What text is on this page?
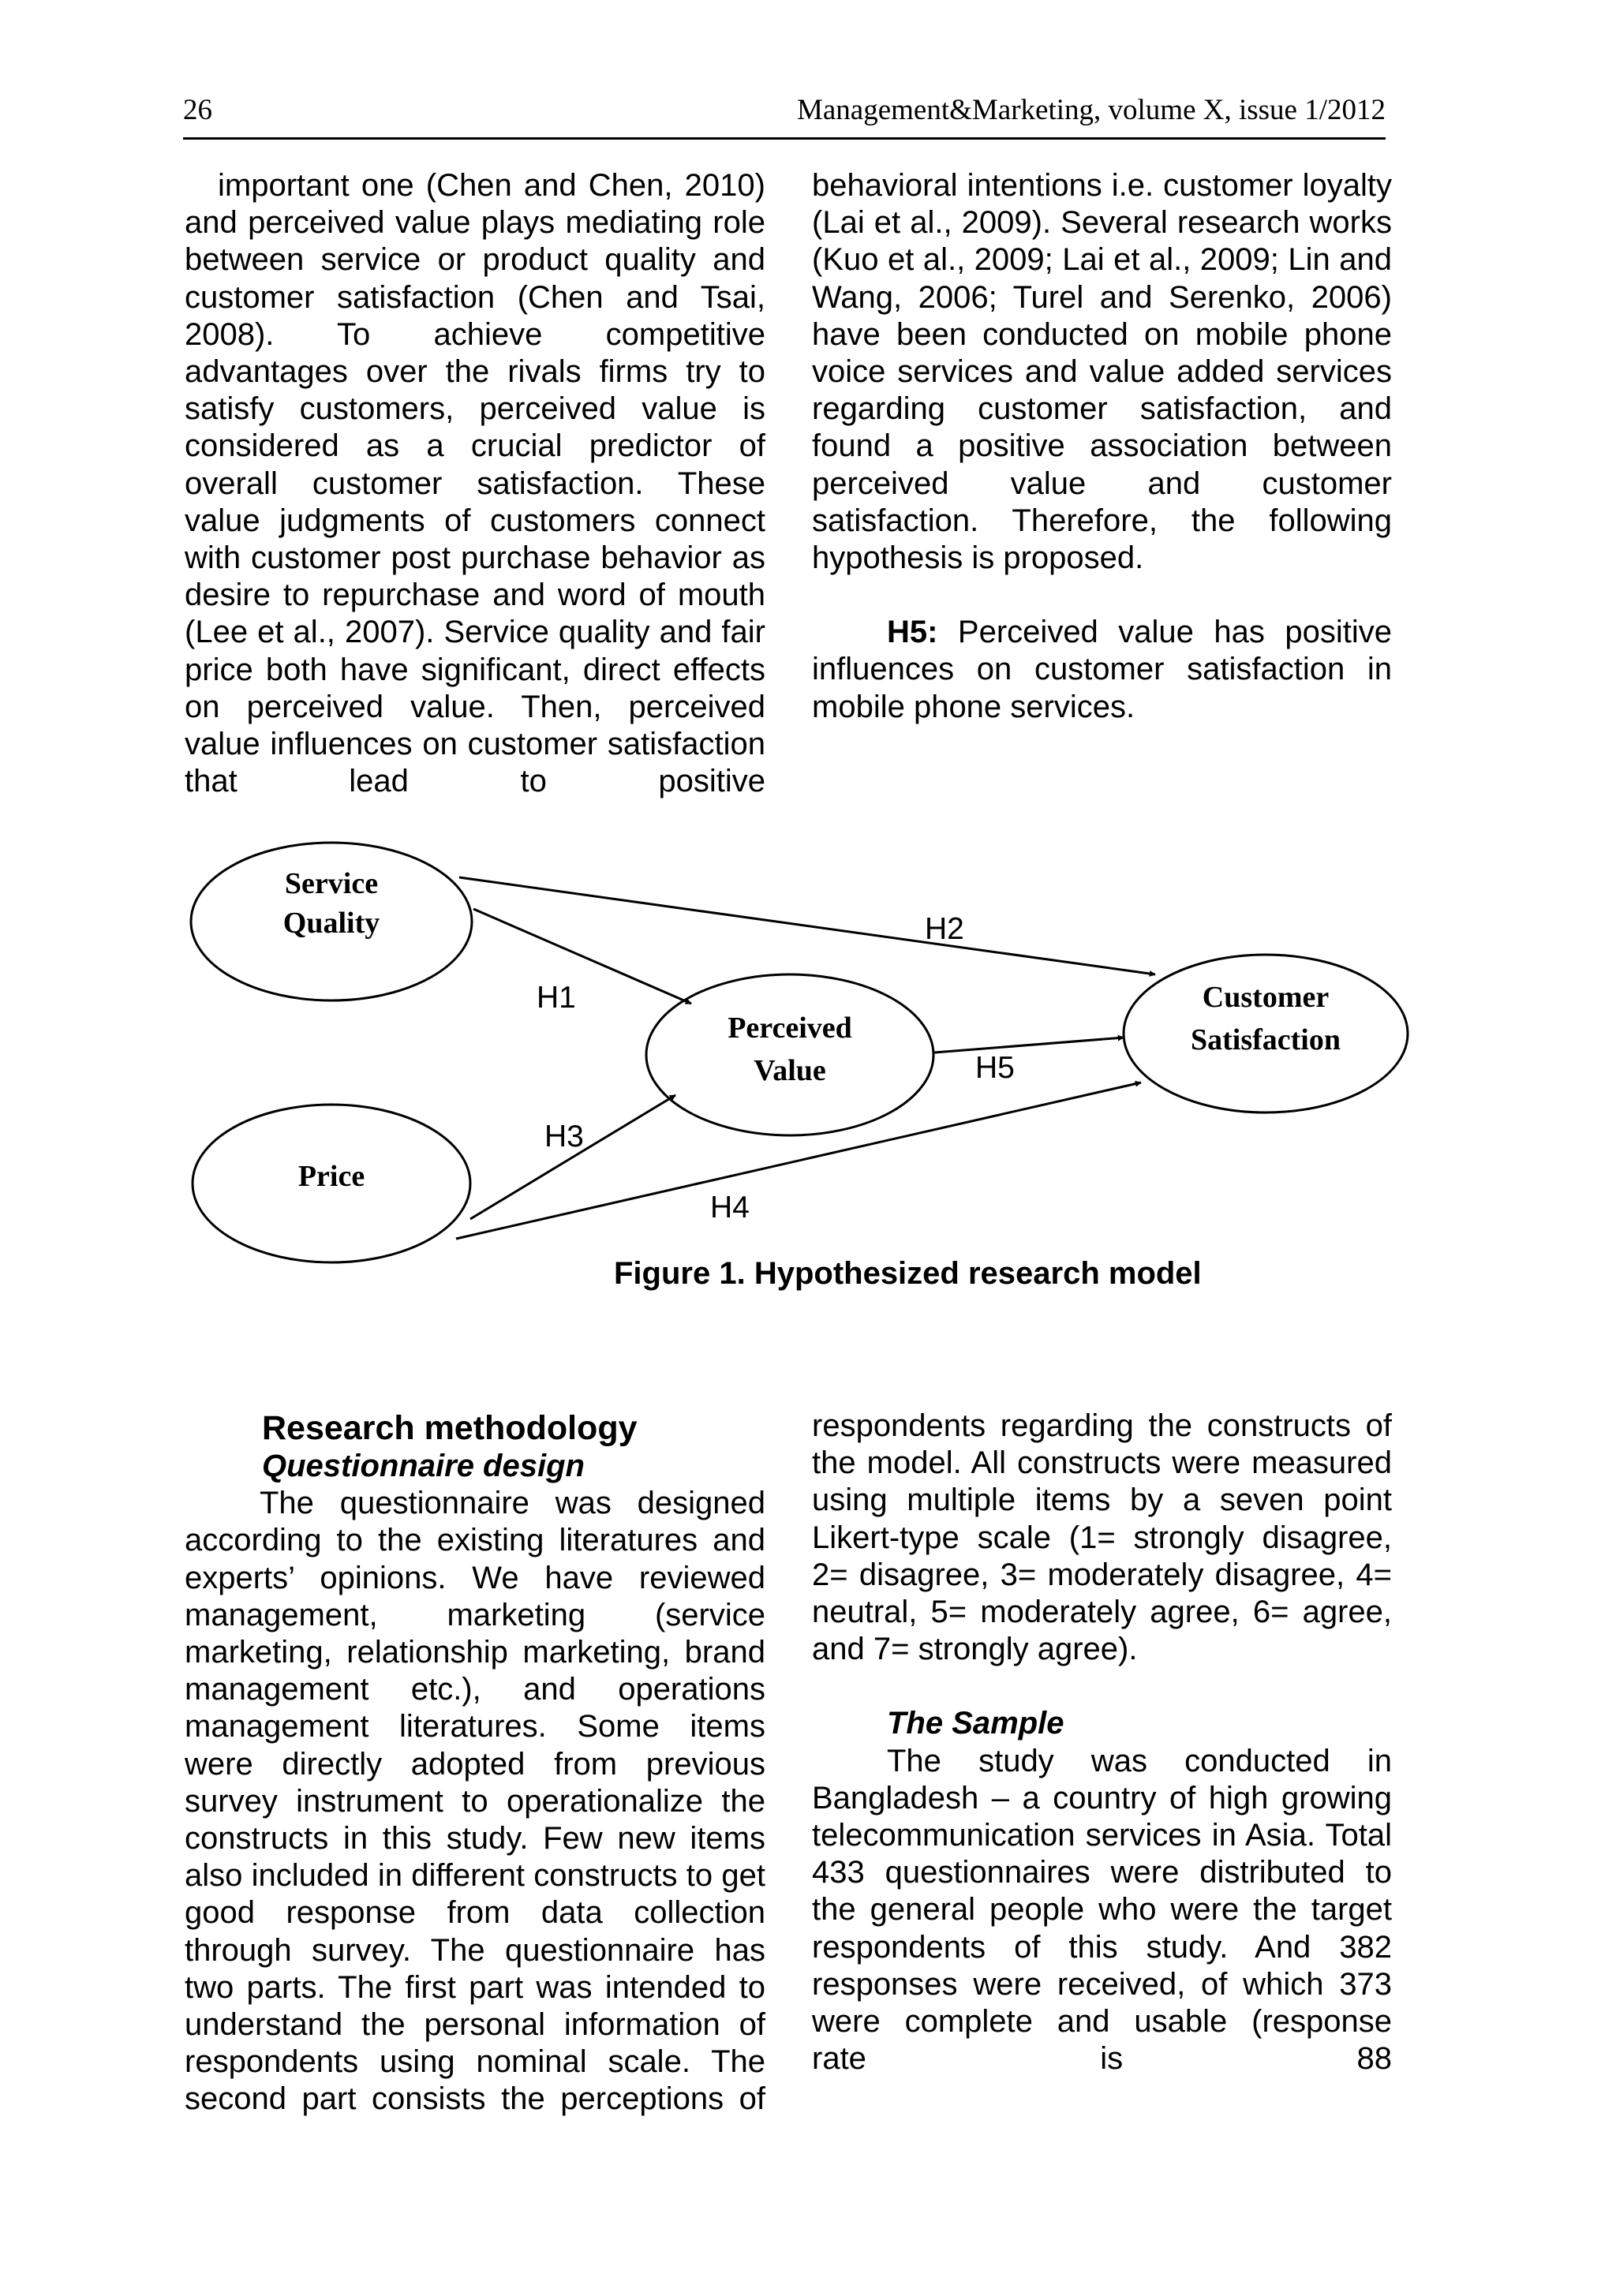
26	Management&Marketing, volume X, issue 1/2012

important one (Chen and Chen, 2010) and perceived value plays mediating role between service or product quality and customer satisfaction (Chen and Tsai, 2008). To achieve competitive advantages over the rivals firms try to satisfy customers, perceived value is considered as a crucial predictor of overall customer satisfaction. These value judgments of customers connect with customer post purchase behavior as desire to repurchase and word of mouth (Lee et al., 2007). Service quality and fair price both have significant, direct effects on perceived value. Then, perceived value influences on customer satisfaction that lead to positive

behavioral intentions i.e. customer loyalty (Lai et al., 2009). Several research works (Kuo et al., 2009; Lai et al., 2009; Lin and Wang, 2006; Turel and Serenko, 2006) have been conducted on mobile phone voice services and value added services regarding customer satisfaction, and found a positive association between perceived value and customer satisfaction. Therefore, the following hypothesis is proposed.

H5: Perceived value has positive influences on customer satisfaction in mobile phone services.

Service Quality
Price
Perceived Value
Customer Satisfaction
H2
H1
H5
H3
H4
Figure 1. Hypothesized research model
Research methodology
Questionnaire design

The questionnaire was designed according to the existing literatures and experts’ opinions. We have reviewed management, marketing (service marketing, relationship marketing, brand management etc.), and operations management literatures. Some items were directly adopted from previous survey instrument to operationalize the constructs in this study. Few new items also included in different constructs to get good response from data collection through survey. The questionnaire has two parts. The first part was intended to understand the personal information of respondents using nominal scale. The second part consists the perceptions of

respondents regarding the constructs of the model. All constructs were measured using multiple items by a seven point Likert-type scale (1= strongly disagree, 2= disagree, 3= moderately disagree, 4= neutral, 5= moderately agree, 6= agree, and 7= strongly agree).

The Sample

The study was conducted in Bangladesh – a country of high growing telecommunication services in Asia. Total 433 questionnaires were distributed to the general people who were the target respondents of this study. And 382 responses were received, of which 373 were complete and usable (response rate is 88
